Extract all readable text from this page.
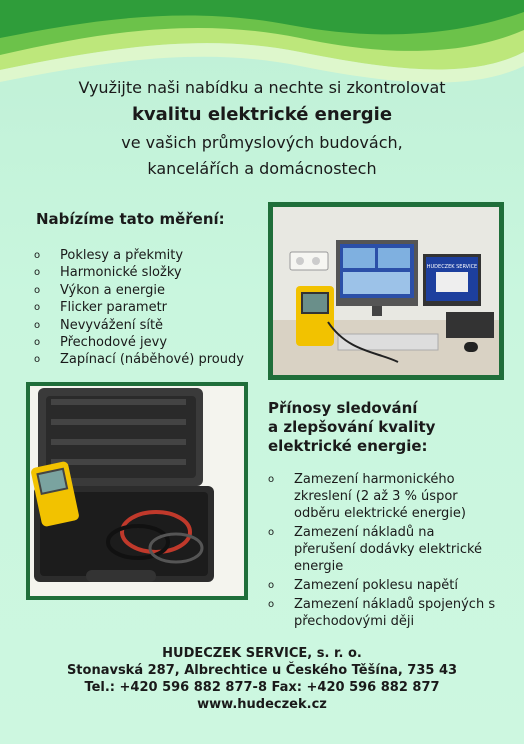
Využijte naši nabídku a nechte si zkontrolovat
kvalitu elektrické energie
ve vašich průmyslových budovách,
kancelářích a domácnostech
Nabízíme tato měření:
o Poklesy a překmity
o Harmonické složky
o Výkon a energie
o Flicker parametr
o Nevyvážení sítě
o Přechodové jevy
o Zapínací (náběhové) proudy
HUDECZEK SERVICE
Přínosy sledování
a zlepšování kvality
elektrické energie:
o Zamezení harmonického
zkreslení (2 až 3 % úspor
odběru elektrické energie)
o Zamezení nákladů na
přerušení dodávky elektrické
energie
o Zamezení poklesu napětí
o Zamezení nákladů spojených s
přechodovými ději
HUDECZEK SERVICE, s. r. o.
Stonavská 287, Albrechtice u Českého Těšína, 735 43
Tel.: +420 596 882 877-8 Fax: +420 596 882 877
www.hudeczek.cz
